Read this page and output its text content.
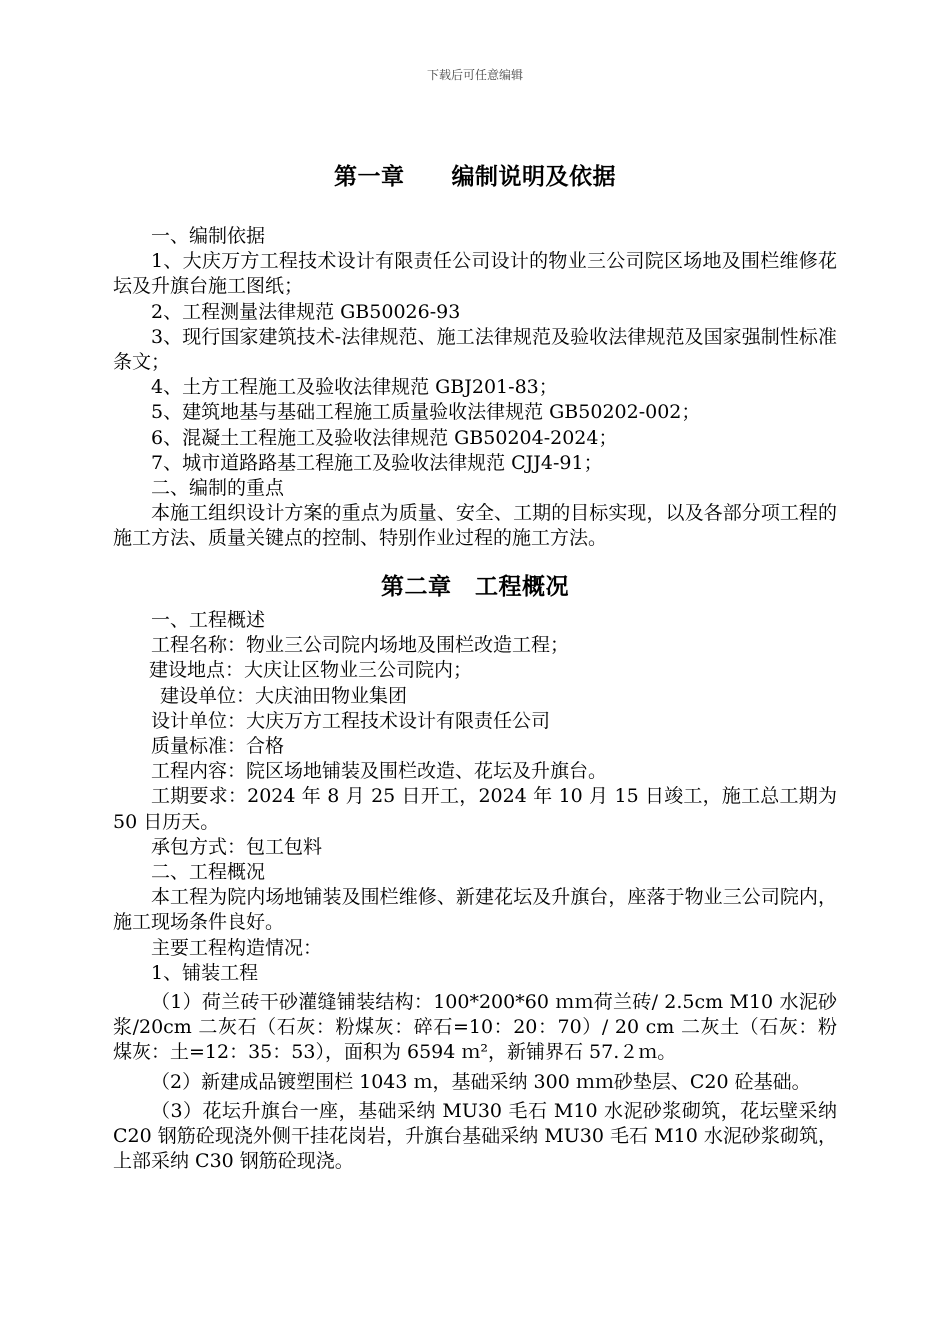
下载后可任意编辑
第一章　　编制说明及依据

一、编制依据

1、大庆万方工程技术设计有限责任公司设计的物业三公司院区场地及围栏维修花坛及升旗台施工图纸；

2、工程测量法律规范 GB50026-93

3、现行国家建筑技术-法律规范、施工法律规范及验收法律规范及国家强制性标准条文；

4、土方工程施工及验收法律规范 GBJ201-83；

5、建筑地基与基础工程施工质量验收法律规范 GB50202-002；

6、混凝土工程施工及验收法律规范 GB50204-2024；

7、城市道路路基工程施工及验收法律规范 CJJ4-91；

二、编制的重点

本施工组织设计方案的重点为质量、安全、工期的目标实现，以及各部分项工程的施工方法、质量关键点的控制、特别作业过程的施工方法。

第二章　工程概况

一、工程概述

工程名称：物业三公司院内场地及围栏改造工程；

建设地点：大庆让区物业三公司院内；

建设单位：大庆油田物业集团

设计单位：大庆万方工程技术设计有限责任公司

质量标准：合格

工程内容：院区场地铺装及围栏改造、花坛及升旗台。

工期要求：2024 年 8 月 25 日开工，2024 年 10 月 15 日竣工，施工总工期为 50 日历天。

承包方式：包工包料

二、工程概况

本工程为院内场地铺装及围栏维修、新建花坛及升旗台，座落于物业三公司院内，施工现场条件良好。

主要工程构造情况：

1、铺装工程

（1）荷兰砖干砂灌缝铺装结构：100*200*60 ｍｍ荷兰砖/ 2.5cm M10 水泥砂浆/20cm 二灰石（石灰：粉煤灰：碎石=10：20：70）/ 20 cm 二灰土（石灰：粉煤灰：土=12：35：53），面积为 6594 ｍ²，新铺界石 57.２ｍ。

（2）新建成品镀塑围栏 1043 ｍ，基础采纳 300 ｍｍ砂垫层、C20 砼基础。

（3）花坛升旗台一座，基础采纳 MU30 毛石 M10 水泥砂浆砌筑，花坛壁采纳 C20 钢筋砼现浇外侧干挂花岗岩，升旗台基础采纳 MU30 毛石 M10 水泥砂浆砌筑，上部采纳 C30 钢筋砼现浇。
